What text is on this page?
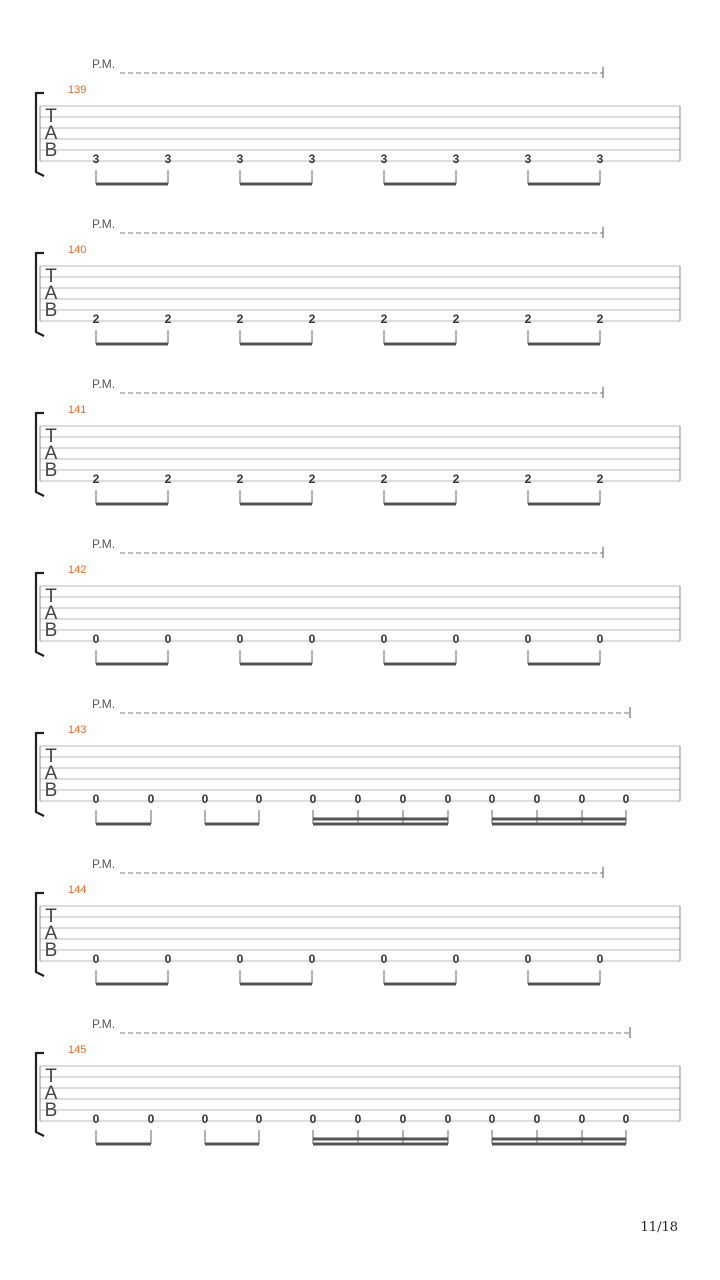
P.M.
139
T
A
B	3	3	3	3	3	3	3	3
P.M.
140
T
A
B	2	2	2	2	2	2	2	2
P.M.
141
T
A
B	2	2	2	2	2	2	2	2
P.M.
142
T
A
B	0	0	0	0	0	0	0	0
P.M.
143
T
A
B	0	0	0	0	0	0	0	0	0	0	0	0
P.M.
144
T
A
B	0	0	0	0	0	0	0	0
P.M.
145
T
A
B	0	0	0	0	0	0	0	0	0	0	0	0
11/18
